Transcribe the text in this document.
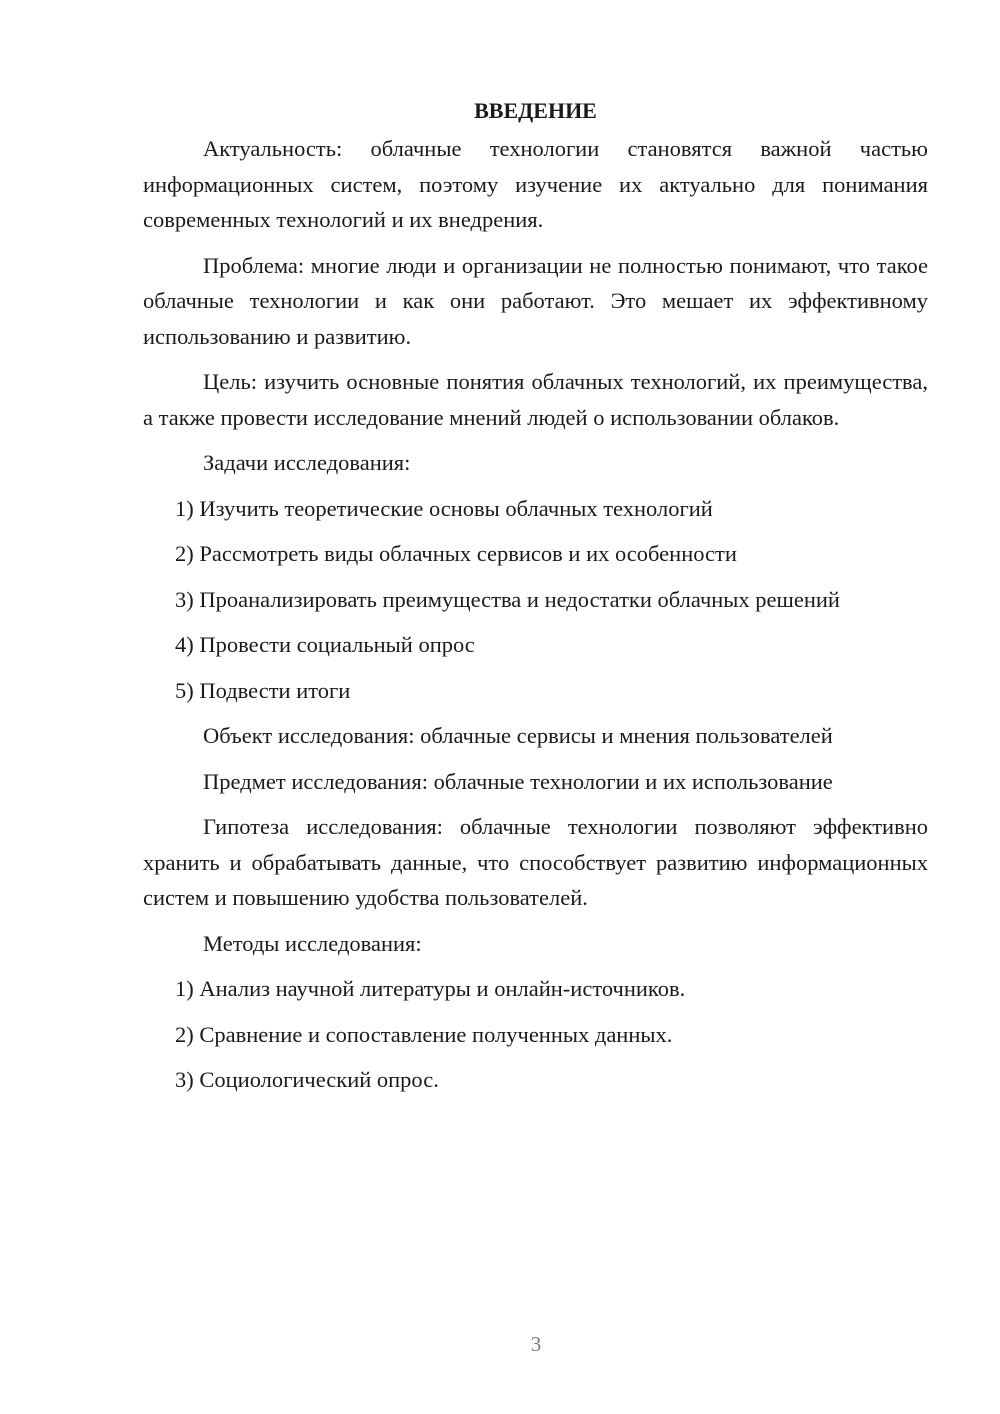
ВВЕДЕНИЕ

Актуальность: облачные технологии становятся важной частью информационных систем, поэтому изучение их актуально для понимания современных технологий и их внедрения.

Проблема: многие люди и организации не полностью понимают, что такое облачные технологии и как они работают. Это мешает их эффективному использованию и развитию.

Цель: изучить основные понятия облачных технологий, их преимущества, а также провести исследование мнений людей о использовании облаков.

Задачи исследования:
1) Изучить теоретические основы облачных технологий
2) Рассмотреть виды облачных сервисов и их особенности
3) Проанализировать преимущества и недостатки облачных решений
4) Провести социальный опрос
5) Подвести итоги
Объект исследования: облачные сервисы и мнения пользователей
Предмет исследования: облачные технологии и их использование

Гипотеза исследования: облачные технологии позволяют эффективно хранить и обрабатывать данные, что способствует развитию информационных систем и повышению удобства пользователей.

Методы исследования:
1) Анализ научной литературы и онлайн-источников.
2) Сравнение и сопоставление полученных данных.
3) Социологический опрос.
3
